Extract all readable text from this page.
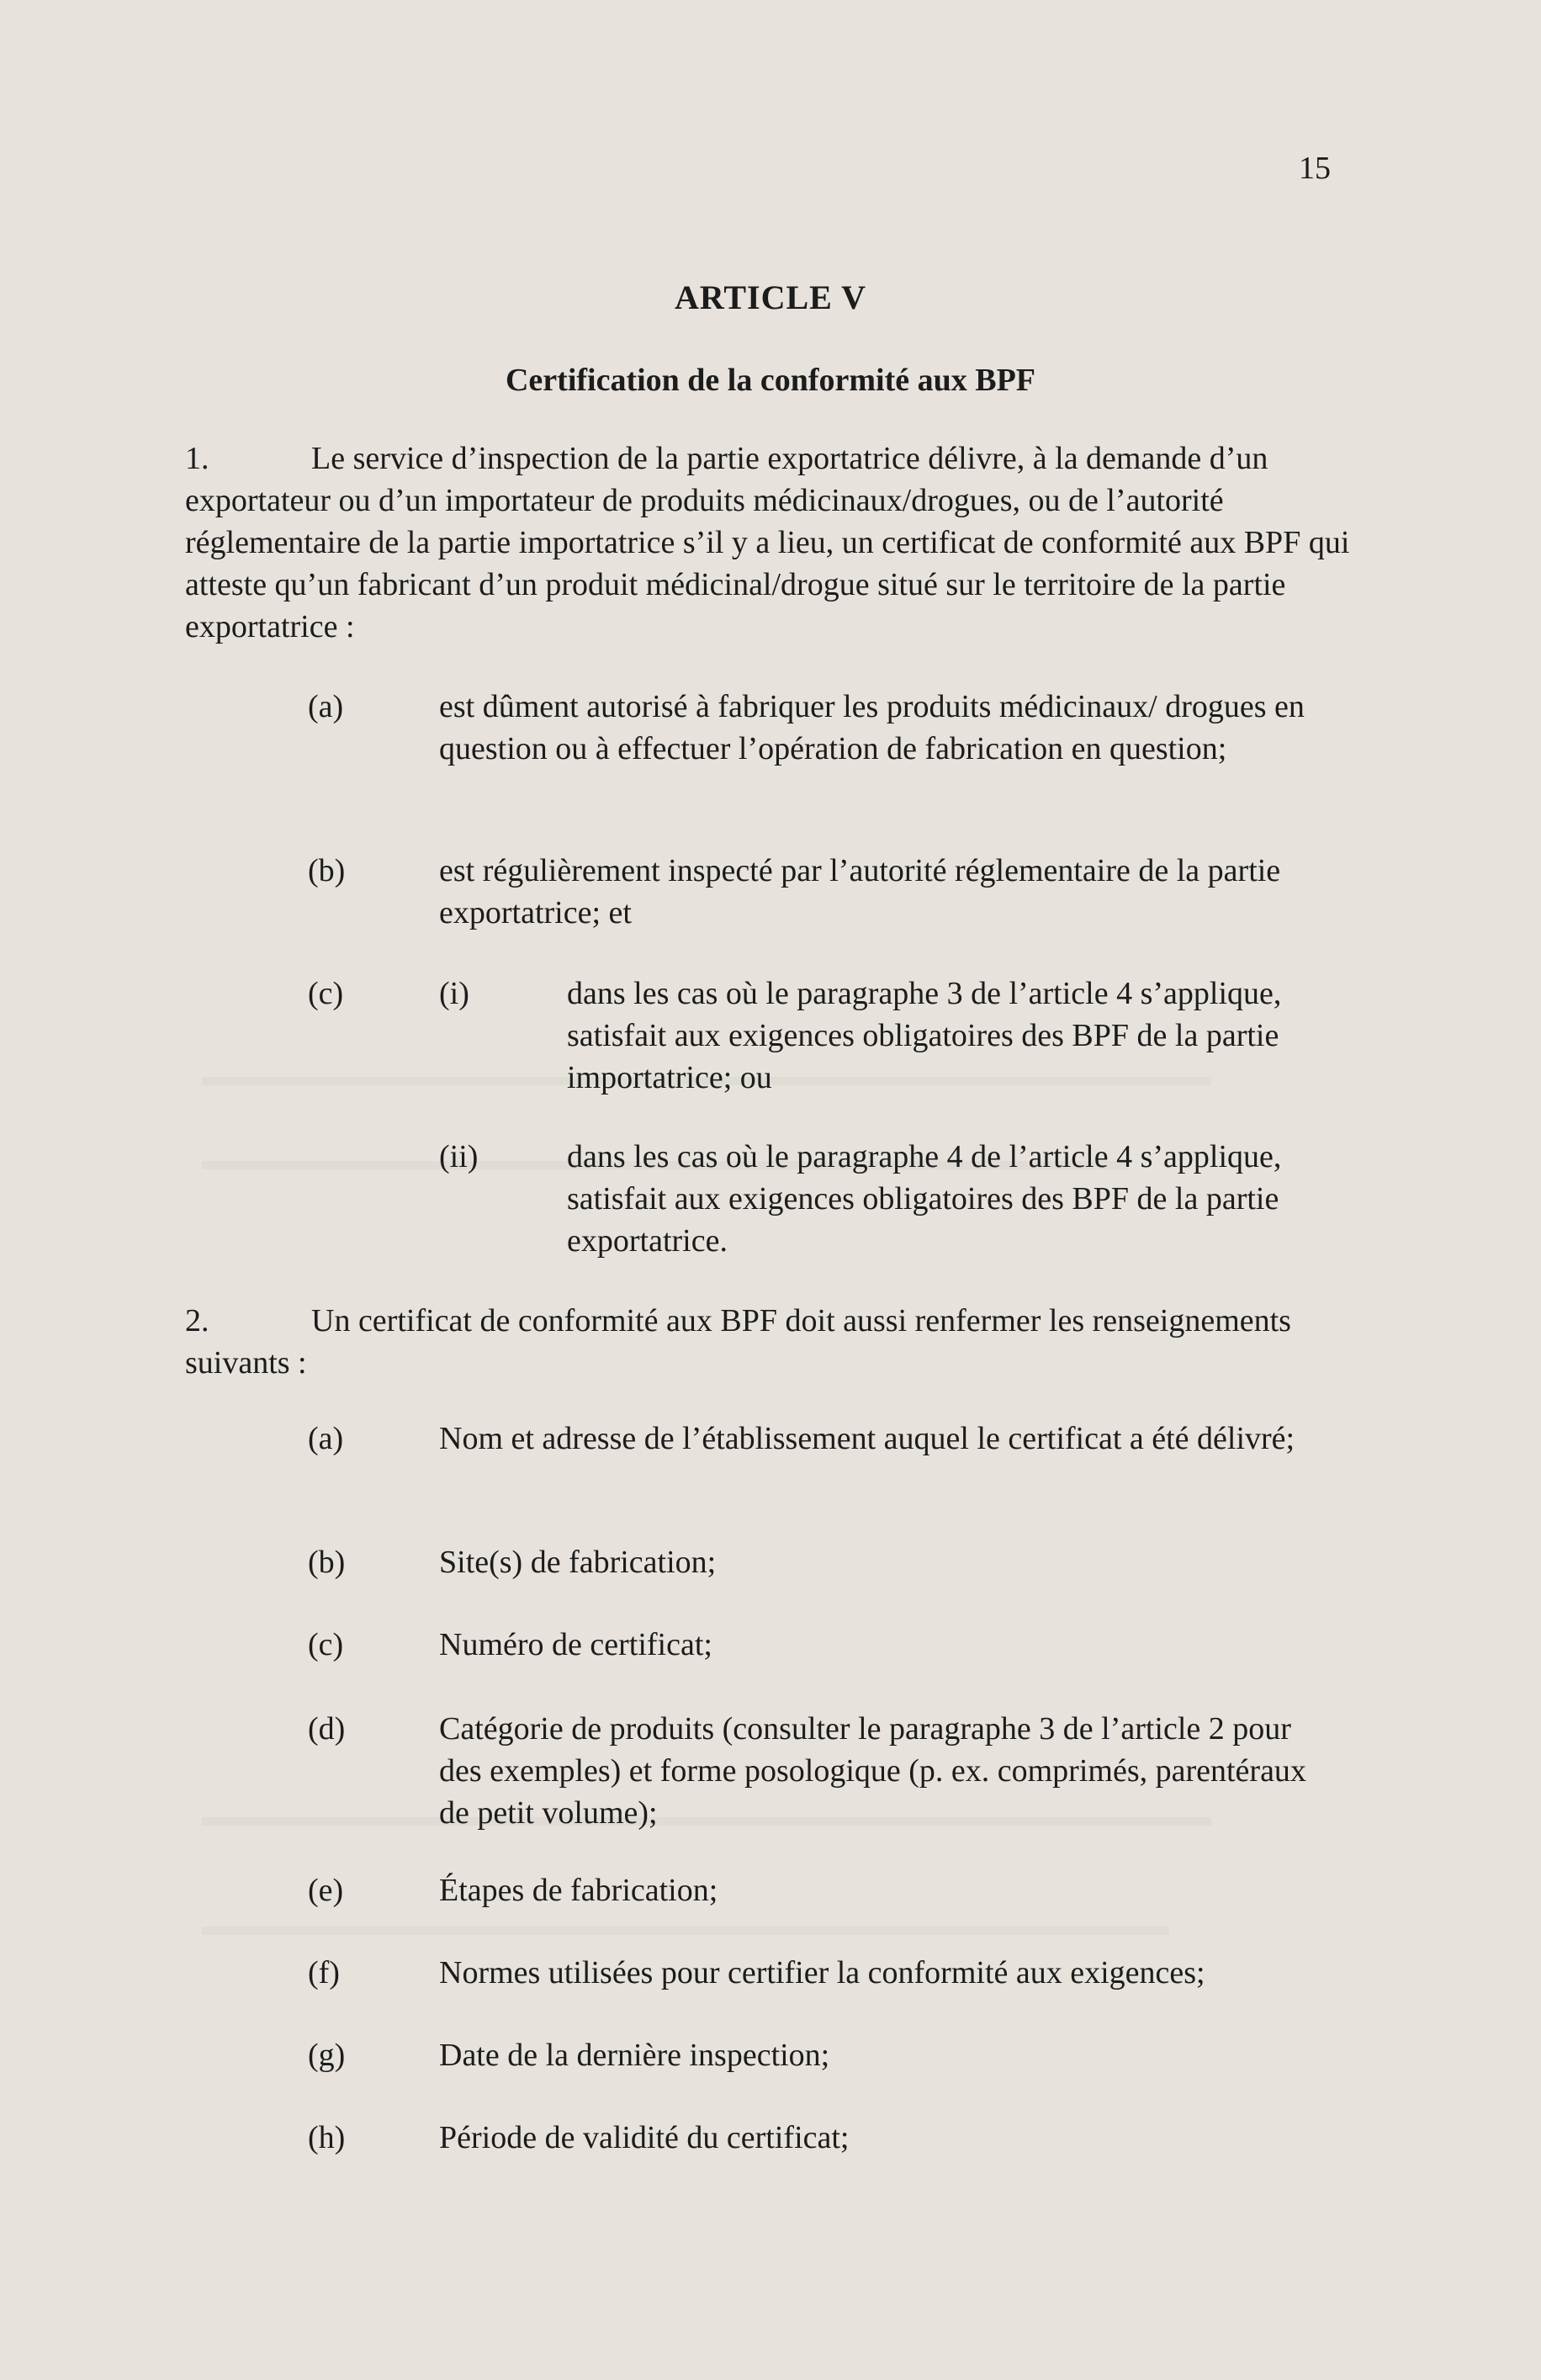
15
ARTICLE V
Certification de la conformité aux BPF
1.	Le service d’inspection de la partie exportatrice délivre, à la demande d’un exportateur ou d’un importateur de produits médicinaux/drogues, ou de l’autorité réglementaire de la partie importatrice s’il y a lieu, un certificat de conformité aux BPF qui atteste qu’un fabricant d’un produit médicinal/drogue situé sur le territoire de la partie exportatrice :
(a)	est dûment autorisé à fabriquer les produits médicinaux/ drogues en question ou à effectuer l’opération de fabrication en question;
(b)	est régulièrement inspecté par l’autorité réglementaire de la partie exportatrice; et
(c)	(i)	dans les cas où le paragraphe 3 de l’article 4 s’applique, satisfait aux exigences obligatoires des BPF de la partie importatrice; ou
(ii)	dans les cas où le paragraphe 4 de l’article 4 s’applique, satisfait aux exigences obligatoires des BPF de la partie exportatrice.
2.	Un certificat de conformité aux BPF doit aussi renfermer les renseignements suivants :
(a)	Nom et adresse de l’établissement auquel le certificat a été délivré;
(b)	Site(s) de fabrication;
(c)	Numéro de certificat;
(d)	Catégorie de produits (consulter le paragraphe 3 de l’article 2 pour des exemples) et forme posologique (p. ex. comprimés, parentéraux de petit volume);
(e)	Étapes de fabrication;
(f)	Normes utilisées pour certifier la conformité aux exigences;
(g)	Date de la dernière inspection;
(h)	Période de validité du certificat;
